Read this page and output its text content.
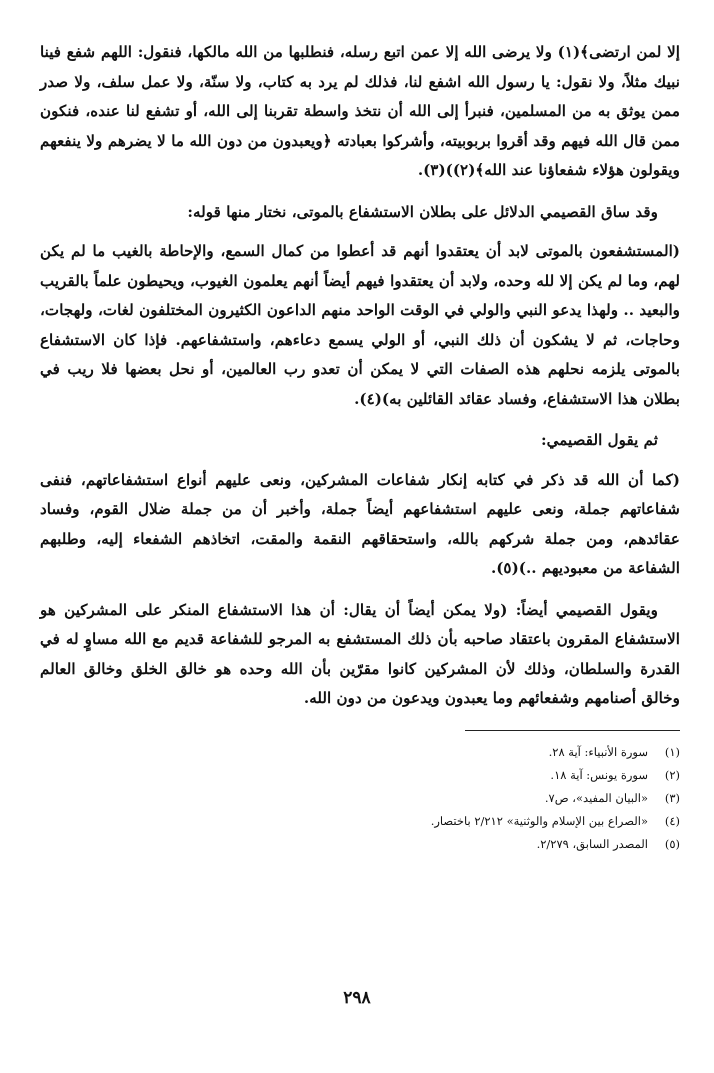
إلا لمن ارتضى﴾(١) ولا يرضى الله إلا عمن اتبع رسله، فنطلبها من الله مالكها، فنقول: اللهم شفع فينا نبيك مثلاً، ولا نقول: يا رسول الله اشفع لنا، فذلك لم يرد به كتاب، ولا سنّة، ولا عمل سلف، ولا صدر ممن يوثق به من المسلمين، فنبرأ إلى الله أن نتخذ واسطة تقربنا إلى الله، أو تشفع لنا عنده، فنكون ممن قال الله فيهم وقد أقروا بربوبيته، وأشركوا بعبادته ﴿ويعبدون من دون الله ما لا يضرهم ولا ينفعهم ويقولون هؤلاء شفعاؤنا عند الله﴾(٢))(٣).

وقد ساق القصيمي الدلائل على بطلان الاستشفاع بالموتى، نختار منها قوله:

(المستشفعون بالموتى لابد أن يعتقدوا أنهم قد أعطوا من كمال السمع، والإحاطة بالغيب ما لم يكن لهم، وما لم يكن إلا لله وحده، ولابد أن يعتقدوا فيهم أيضاً أنهم يعلمون الغيوب، ويحيطون علماً بالقريب والبعيد .. ولهذا يدعو النبي والولي في الوقت الواحد منهم الداعون الكثيرون المختلفون لغات، ولهجات، وحاجات، ثم لا يشكون أن ذلك النبي، أو الولي يسمع دعاءهم، واستشفاعهم. فإذا كان الاستشفاع بالموتى يلزمه نحلهم هذه الصفات التي لا يمكن أن تعدو رب العالمين، أو نحل بعضها فلا ريب في بطلان هذا الاستشفاع، وفساد عقائد القائلين به)(٤).

ثم يقول القصيمي:

(كما أن الله قد ذكر في كتابه إنكار شفاعات المشركين، ونعى عليهم أنواع استشفاعاتهم، فنفى شفاعاتهم جملة، ونعى عليهم استشفاعهم أيضاً جملة، وأخبر أن من جملة ضلال القوم، وفساد عقائدهم، ومن جملة شركهم بالله، واستحقاقهم النقمة والمقت، اتخاذهم الشفعاء إليه، وطلبهم الشفاعة من معبوديهم ..)(٥).

ويقول القصيمي أيضاً: (ولا يمكن أيضاً أن يقال: أن هذا الاستشفاع المنكر على المشركين هو الاستشفاع المقرون باعتقاد صاحبه بأن ذلك المستشفع به المرجو للشفاعة قديم مع الله مساوٍ له في القدرة والسلطان، وذلك لأن المشركين كانوا مقرّين بأن الله وحده هو خالق الخلق وخالق العالم وخالق أصنامهم وشفعائهم وما يعبدون ويدعون من دون الله.

(١)
سورة الأنبياء: آية ٢٨.

(٢)
سورة يونس: آية ١٨.

(٣)
«البيان المفيد»، ص٧.

(٤)
«الصراع بين الإسلام والوثنية» ٢/٢١٢ باختصار.

(٥)
المصدر السابق، ٢/٢٧٩.

٢٩٨
